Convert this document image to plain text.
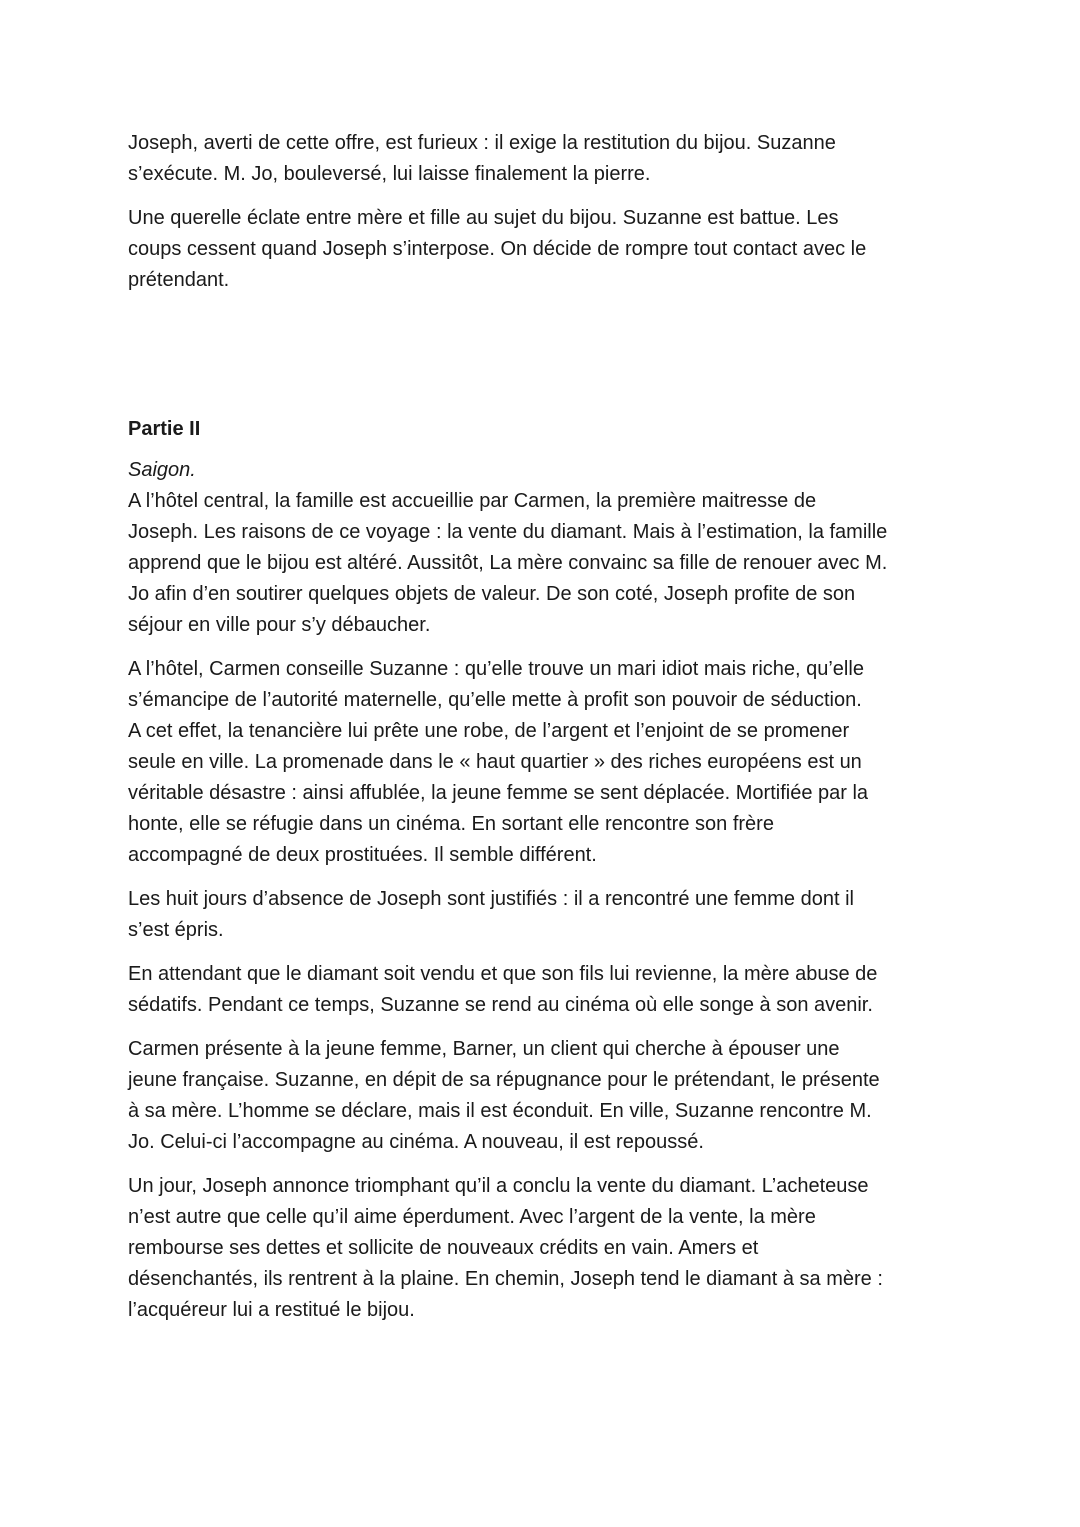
Joseph, averti de cette offre, est furieux : il exige la restitution du bijou. Suzanne
s’exécute. M. Jo, bouleversé, lui laisse finalement la pierre.

Une querelle éclate entre mère et fille au sujet du bijou. Suzanne est battue. Les
coups cessent quand Joseph s’interpose. On décide de rompre tout contact avec le
prétendant.

Partie II

Saigon.

A l’hôtel central, la famille est accueillie par Carmen, la première maitresse de
Joseph. Les raisons de ce voyage : la vente du diamant. Mais à l’estimation, la famille
apprend que le bijou est altéré. Aussitôt, La mère convainc sa fille de renouer avec M.
Jo afin d’en soutirer quelques objets de valeur. De son coté, Joseph profite de son
séjour en ville pour s’y débaucher.

A l’hôtel, Carmen conseille Suzanne : qu’elle trouve un mari idiot mais riche, qu’elle
s’émancipe de l’autorité maternelle, qu’elle mette à profit son pouvoir de séduction.
A cet effet, la tenancière lui prête une robe, de l’argent et l’enjoint de se promener
seule en ville. La promenade dans le « haut quartier » des riches européens est un
véritable désastre : ainsi affublée, la jeune femme se sent déplacée. Mortifiée par la
honte, elle se réfugie dans un cinéma. En sortant elle rencontre son frère
accompagné de deux prostituées. Il semble différent.

Les huit jours d’absence de Joseph sont justifiés : il a rencontré une femme dont il
s’est épris.

En attendant que le diamant soit vendu et que son fils lui revienne, la mère abuse de
sédatifs. Pendant ce temps, Suzanne se rend au cinéma où elle songe à son avenir.

Carmen présente à la jeune femme, Barner, un client qui cherche à épouser une
jeune française. Suzanne, en dépit de sa répugnance pour le prétendant, le présente
à sa mère. L’homme se déclare, mais il est éconduit. En ville, Suzanne rencontre M.
Jo. Celui-ci l’accompagne au cinéma. A nouveau, il est repoussé.

Un jour, Joseph annonce triomphant qu’il a conclu la vente du diamant. L’acheteuse
n’est autre que celle qu’il aime éperdument. Avec l’argent de la vente, la mère
rembourse ses dettes et sollicite de nouveaux crédits en vain. Amers et
désenchantés, ils rentrent à la plaine. En chemin, Joseph tend le diamant à sa mère :
l’acquéreur lui a restitué le bijou.
